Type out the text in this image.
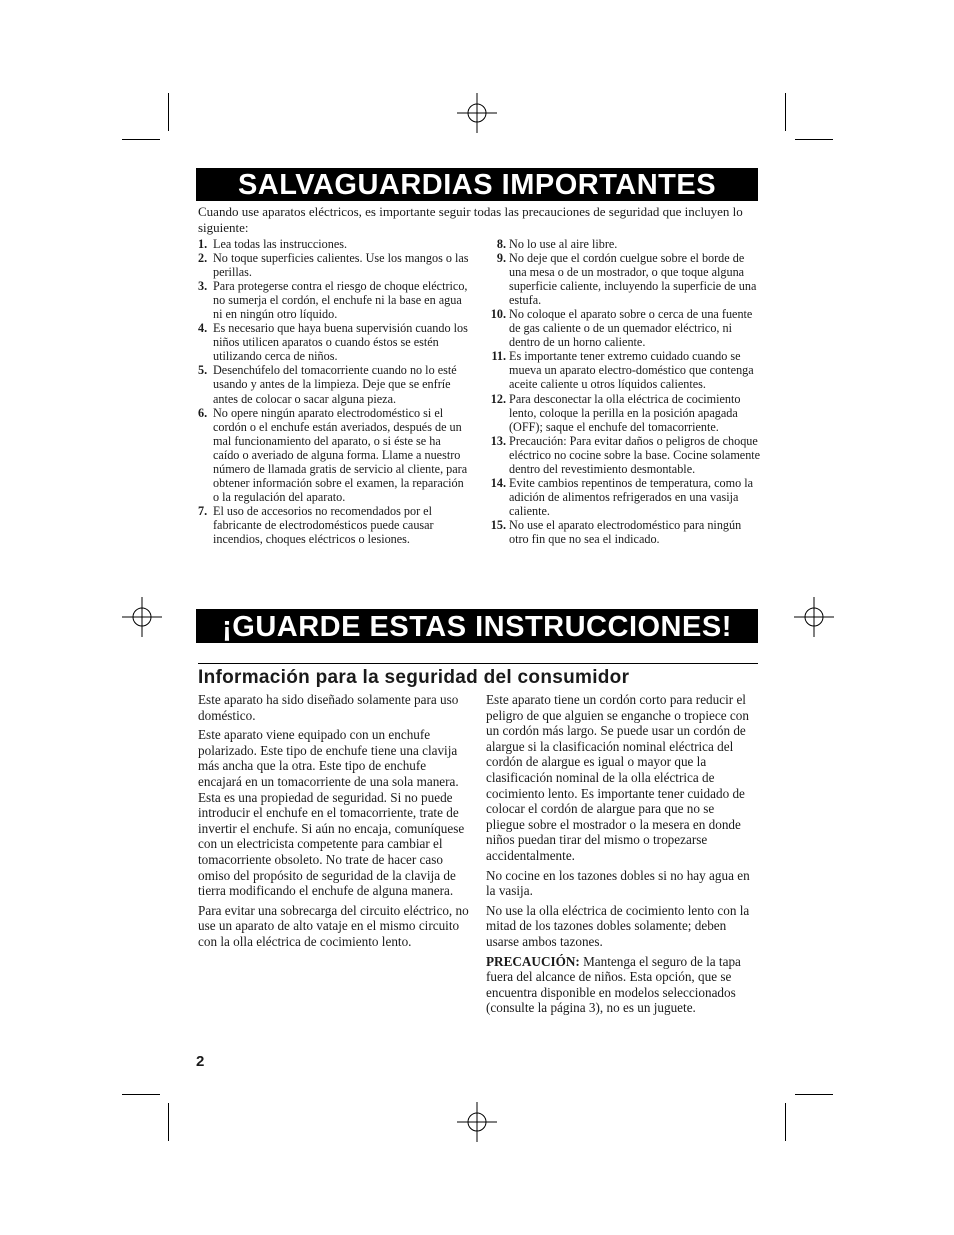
SALVAGUARDIAS IMPORTANTES

Cuando use aparatos eléctricos, es importante seguir todas las precauciones de seguridad que incluyen lo siguiente:

1. Lea todas las instrucciones.
2. No toque superficies calientes. Use los mangos o las perillas.
3. Para protegerse contra el riesgo de choque eléctrico, no sumerja el cordón, el enchufe ni la base en agua ni en ningún otro líquido.
4. Es necesario que haya buena supervisión cuando los niños utilicen aparatos o cuando éstos se estén utilizando cerca de niños.
5. Desenchúfelo del tomacorriente cuando no lo esté usando y antes de la limpieza. Deje que se enfríe antes de colocar o sacar alguna pieza.
6. No opere ningún aparato electrodoméstico si el cordón o el enchufe están averiados, después de un mal funcionamiento del aparato, o si éste se ha caído o averiado de alguna forma. Llame a nuestro número de llamada gratis de servicio al cliente, para obtener información sobre el examen, la reparación o la regulación del aparato.
7. El uso de accesorios no recomendados por el fabricante de electrodomésticos puede causar incendios, choques eléctricos o lesiones.
8. No lo use al aire libre.
9. No deje que el cordón cuelgue sobre el borde de una mesa o de un mostrador, o que toque alguna superficie caliente, incluyendo la superficie de una estufa.
10. No coloque el aparato sobre o cerca de una fuente de gas caliente o de un quemador eléctrico, ni dentro de un horno caliente.
11. Es importante tener extremo cuidado cuando se mueva un aparato electro-doméstico que contenga aceite caliente u otros líquidos calientes.
12. Para desconectar la olla eléctrica de cocimiento lento, coloque la perilla en la posición apagada (OFF); saque el enchufe del tomacorriente.
13. Precaución: Para evitar daños o peligros de choque eléctrico no cocine sobre la base. Cocine solamente dentro del revestimiento desmontable.
14. Evite cambios repentinos de temperatura, como la adición de alimentos refrigerados en una vasija caliente.
15. No use el aparato electrodoméstico para ningún otro fin que no sea el indicado.
¡GUARDE ESTAS INSTRUCCIONES!
Información para la seguridad del consumidor

Este aparato ha sido diseñado solamente para uso doméstico.

Este aparato viene equipado con un enchufe polarizado. Este tipo de enchufe tiene una clavija más ancha que la otra. Este tipo de enchufe encajará en un tomacorriente de una sola manera. Esta es una propiedad de seguridad. Si no puede introducir el enchufe en el tomacorriente, trate de invertir el enchufe. Si aún no encaja, comuníquese con un electricista competente para cambiar el tomacorriente obsoleto. No trate de hacer caso omiso del propósito de seguridad de la clavija de tierra modificando el enchufe de alguna manera.

Para evitar una sobrecarga del circuito eléctrico, no use un aparato de alto vataje en el mismo circuito con la olla eléctrica de cocimiento lento.

Este aparato tiene un cordón corto para reducir el peligro de que alguien se enganche o tropiece con un cordón más largo. Se puede usar un cordón de alargue si la clasificación nominal eléctrica del cordón de alargue es igual o mayor que la clasificación nominal de la olla eléctrica de cocimiento lento. Es importante tener cuidado de colocar el cordón de alargue para que no se pliegue sobre el mostrador o la mesera en donde niños puedan tirar del mismo o tropezarse accidentalmente.

No cocine en los tazones dobles si no hay agua en la vasija.

No use la olla eléctrica de cocimiento lento con la mitad de los tazones dobles solamente; deben usarse ambos tazones.

PRECAUCIÓN: Mantenga el seguro de la tapa fuera del alcance de niños. Esta opción, que se encuentra disponible en modelos seleccionados (consulte la página 3), no es un juguete.

2
